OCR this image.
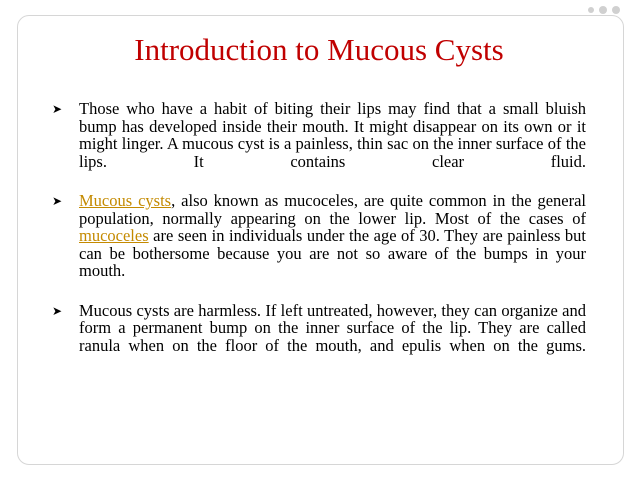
Introduction to Mucous Cysts
➤ Those who have a habit of biting their lips may find that a small bluish bump has developed inside their mouth. It might disappear on its own or it might linger. A mucous cyst is a painless, thin sac on the inner surface of the lips. It contains clear fluid.
➤ Mucous cysts, also known as mucoceles, are quite common in the general population, normally appearing on the lower lip. Most of the cases of mucoceles are seen in individuals under the age of 30. They are painless but can be bothersome because you are not so aware of the bumps in your mouth.
➤ Mucous cysts are harmless. If left untreated, however, they can organize and form a permanent bump on the inner surface of the lip. They are called ranula when on the floor of the mouth, and epulis when on the gums.
